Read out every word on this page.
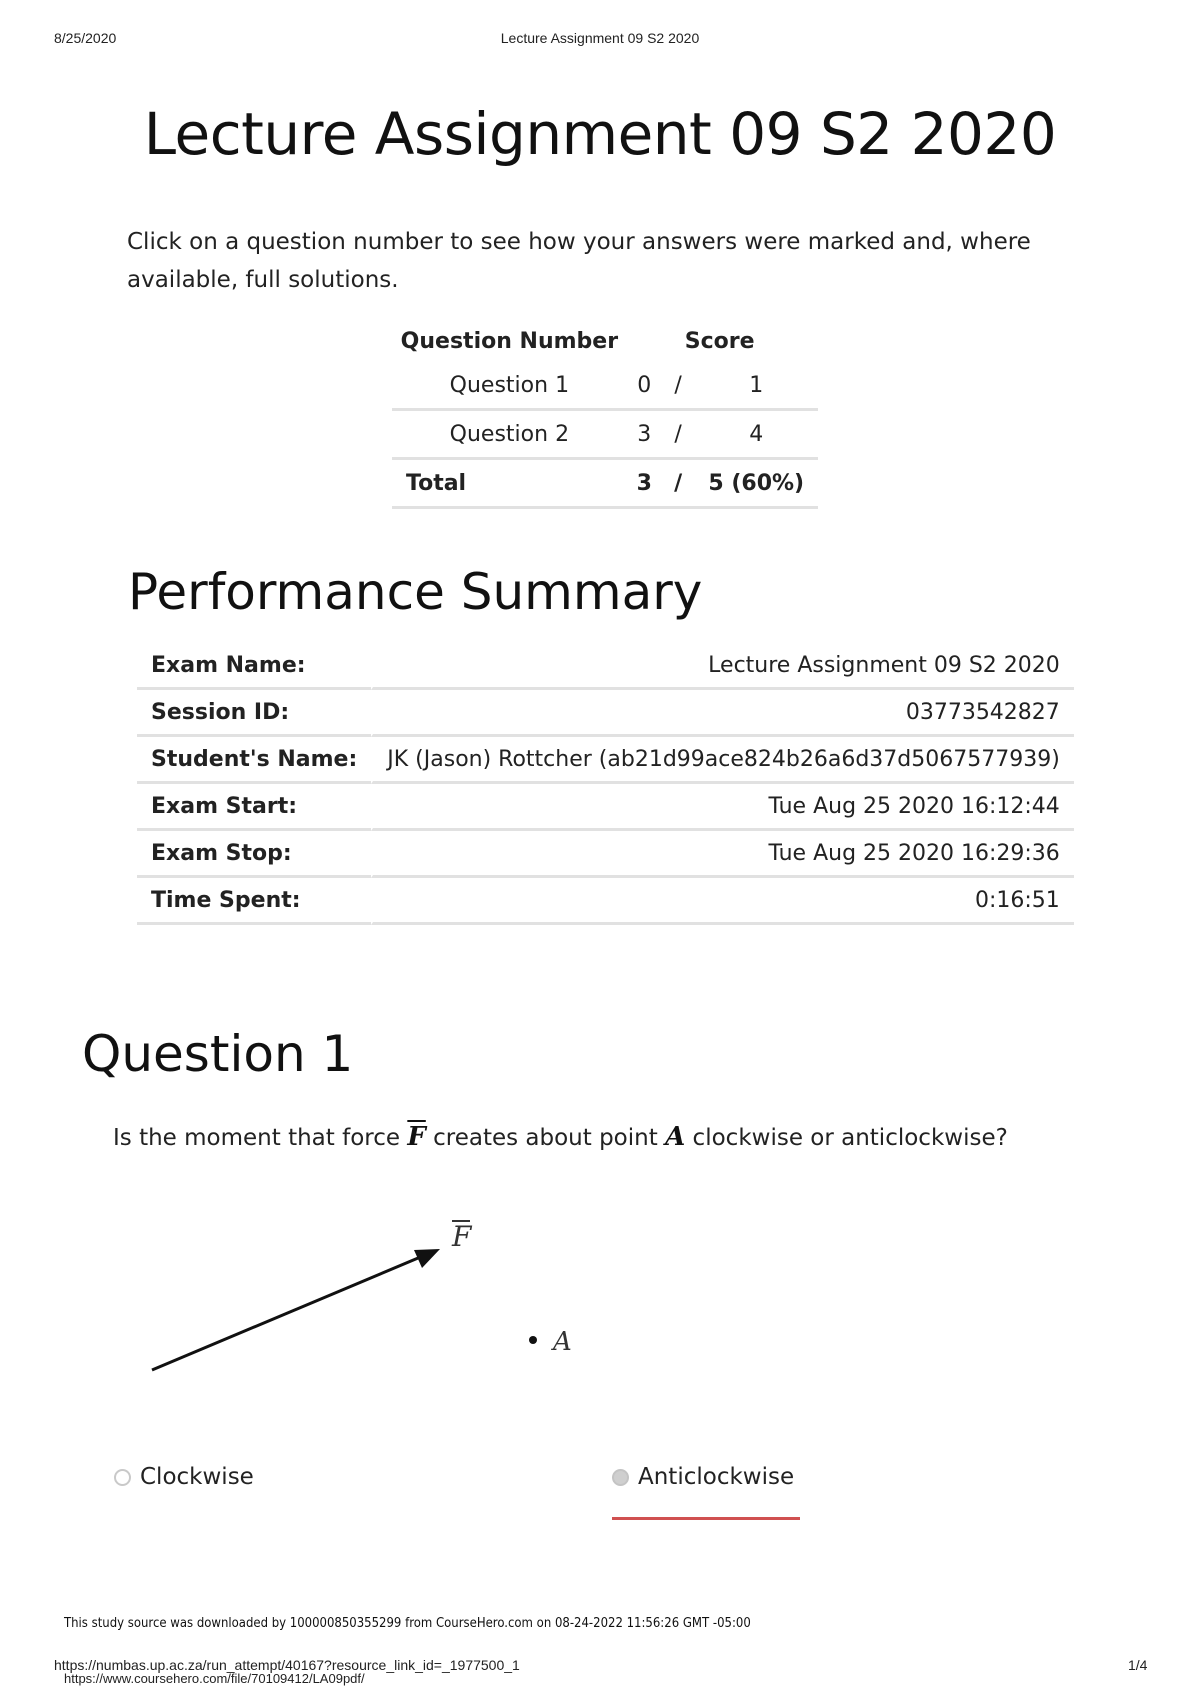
8/25/2020	Lecture Assignment 09 S2 2020
Lecture Assignment 09 S2 2020
Click on a question number to see how your answers were marked and, where available, full solutions.
Question Number	Score		
Question 1	0	/	1
Question 2	3	/	4
Total	3	/	5 (60%)
Performance Summary
Exam Name:	Lecture Assignment 09 S2 2020
Session ID:	03773542827
Student's Name:	JK (Jason) Rottcher (ab21d99ace824b26a6d37d5067577939)
Exam Start:	Tue Aug 25 2020 16:12:44
Exam Stop:	Tue Aug 25 2020 16:29:36
Time Spent:	0:16:51
Question 1
Is the moment that force $\overline{F}$ creates about point A clockwise or anticlockwise?
F
A
Clockwise	Anticlockwise
This study source was downloaded by 100000850355299 from CourseHero.com on 08-24-2022 11:56:26 GMT -05:00
https://numbas.up.ac.za/run_attempt/40167?resource_link_id=_1977500_1
https://www.coursehero.com/file/70109412/LA09pdf/
1/4
